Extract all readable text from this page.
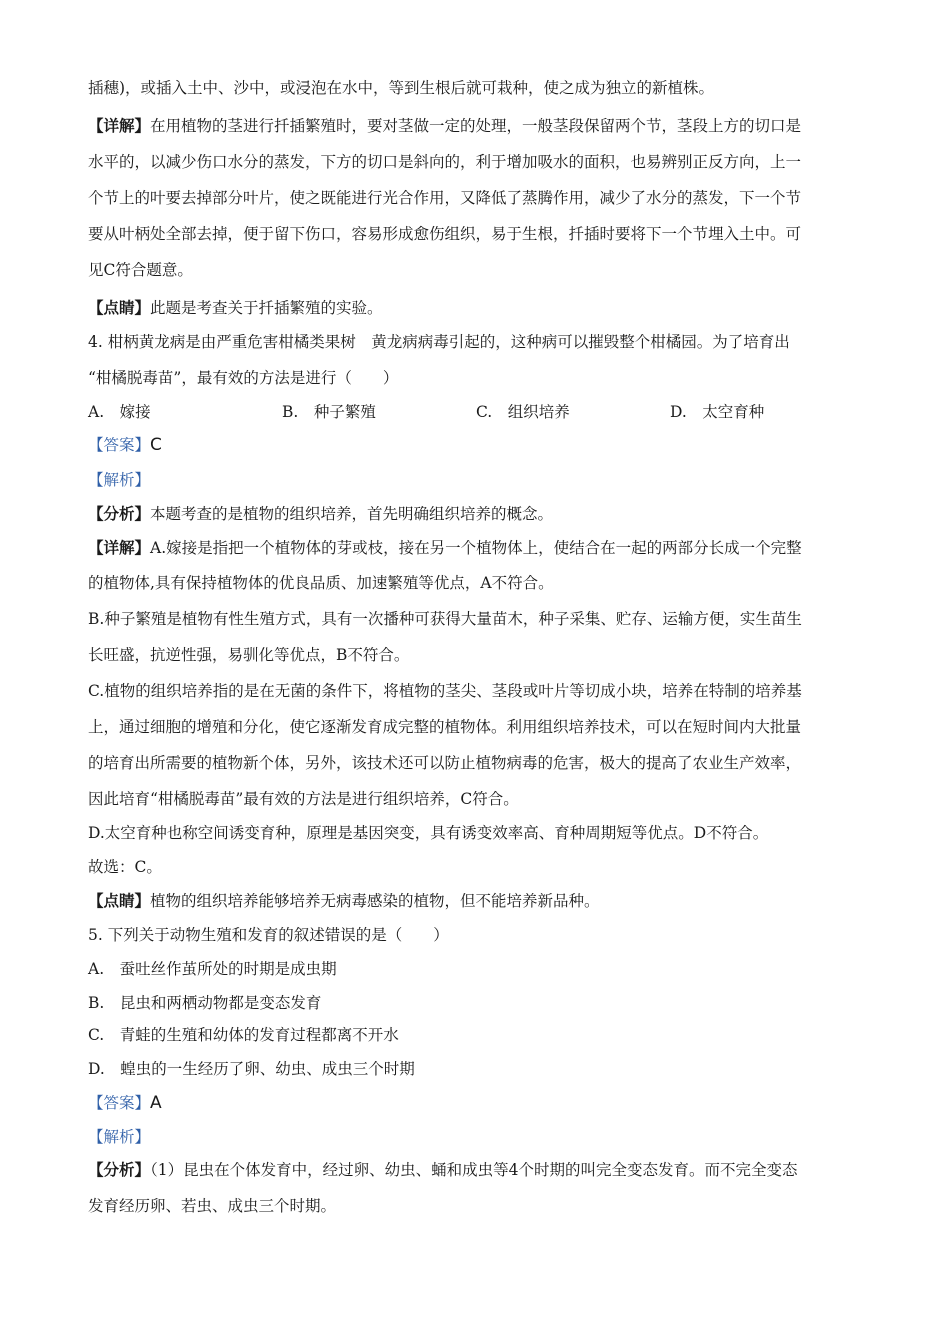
插穗)，或插入土中、沙中，或浸泡在水中，等到生根后就可栽种，使之成为独立的新植株。
【详解】在用植物的茎进行扦插繁殖时，要对茎做一定的处理，一般茎段保留两个节，茎段上方的切口是
水平的，以减少伤口水分的蒸发，下方的切口是斜向的，利于增加吸水的面积，也易辨别正反方向，上一
个节上的叶要去掉部分叶片，使之既能进行光合作用，又降低了蒸腾作用，减少了水分的蒸发，下一个节
要从叶柄处全部去掉，便于留下伤口，容易形成愈伤组织，易于生根，扦插时要将下一个节埋入土中。可
见C符合题意。
【点睛】此题是考查关于扦插繁殖的实验。
4. 柑柄黄龙病是由严重危害柑橘类果树　黄龙病病毒引起的，这种病可以摧毁整个柑橘园。为了培育出
“柑橘脱毒苗”，最有效的方法是进行（　　）
A.　嫁接	B.　种子繁殖	C.　组织培养	D.　太空育种
【答案】C
【解析】
【分析】本题考查的是植物的组织培养，首先明确组织培养的概念。
【详解】A.嫁接是指把一个植物体的芽或枝，接在另一个植物体上，使结合在一起的两部分长成一个完整
的植物体,具有保持植物体的优良品质、加速繁殖等优点，A不符合。
B.种子繁殖是植物有性生殖方式，具有一次播种可获得大量苗木，种子采集、贮存、运输方便，实生苗生
长旺盛，抗逆性强，易驯化等优点，B不符合。
C.植物的组织培养指的是在无菌的条件下，将植物的茎尖、茎段或叶片等切成小块，培养在特制的培养基
上，通过细胞的增殖和分化，使它逐渐发育成完整的植物体。利用组织培养技术，可以在短时间内大批量
的培育出所需要的植物新个体，另外，该技术还可以防止植物病毒的危害，极大的提高了农业生产效率，
因此培育“柑橘脱毒苗”最有效的方法是进行组织培养，C符合。
D.太空育种也称空间诱变育种，原理是基因突变，具有诱变效率高、育种周期短等优点。D不符合。
故选：C。
【点睛】植物的组织培养能够培养无病毒感染的植物，但不能培养新品种。
5. 下列关于动物生殖和发育的叙述错误的是（　　）
A.　蚕吐丝作茧所处的时期是成虫期
B.　昆虫和两栖动物都是变态发育
C.　青蛙的生殖和幼体的发育过程都离不开水
D.　蝗虫的一生经历了卵、幼虫、成虫三个时期
【答案】A
【解析】
【分析】（1）昆虫在个体发育中，经过卵、幼虫、蛹和成虫等4个时期的叫完全变态发育。而不完全变态
发育经历卵、若虫、成虫三个时期。
